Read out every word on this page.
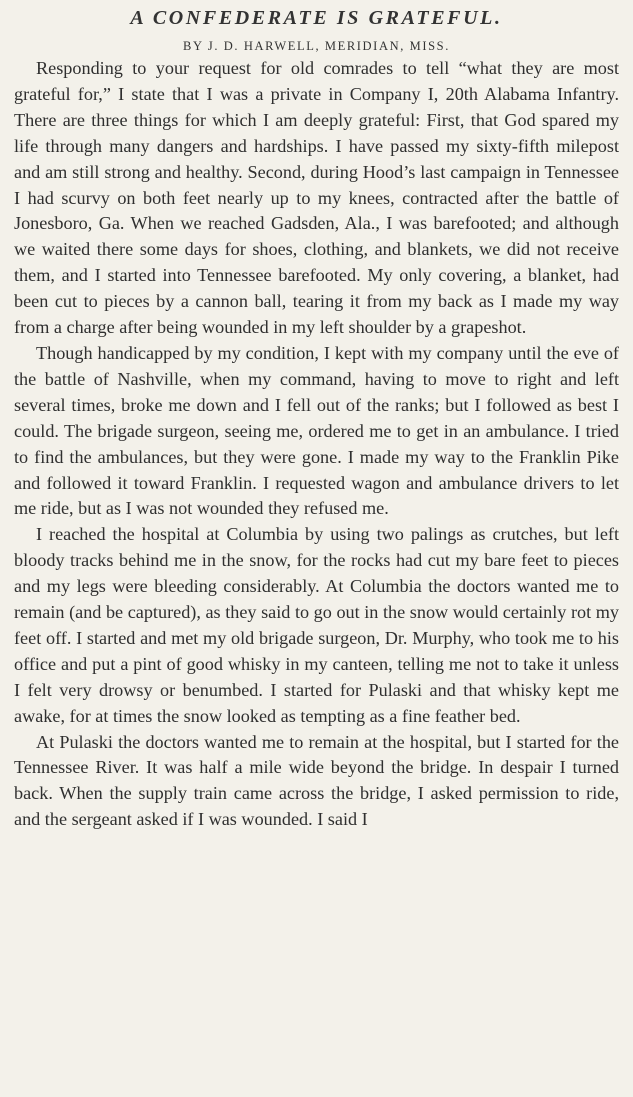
A CONFEDERATE IS GRATEFUL.
BY J. D. HARWELL, MERIDIAN, MISS.

Responding to your request for old comrades to tell “what they are most grateful for,” I state that I was a private in Company I, 20th Alabama Infantry. There are three things for which I am deeply grateful: First, that God spared my life through many dangers and hardships. I have passed my sixty-fifth milepost and am still strong and healthy. Second, during Hood’s last campaign in Tennessee I had scurvy on both feet nearly up to my knees, contracted after the battle of Jonesboro, Ga. When we reached Gadsden, Ala., I was barefooted; and although we waited there some days for shoes, clothing, and blankets, we did not receive them, and I started into Tennessee barefooted. My only covering, a blanket, had been cut to pieces by a cannon ball, tearing it from my back as I made my way from a charge after being wounded in my left shoulder by a grapeshot.

Though handicapped by my condition, I kept with my company until the eve of the battle of Nashville, when my command, having to move to right and left several times, broke me down and I fell out of the ranks; but I followed as best I could. The brigade surgeon, seeing me, ordered me to get in an ambulance. I tried to find the ambulances, but they were gone. I made my way to the Franklin Pike and followed it toward Franklin. I requested wagon and ambulance drivers to let me ride, but as I was not wounded they refused me.

I reached the hospital at Columbia by using two palings as crutches, but left bloody tracks behind me in the snow, for the rocks had cut my bare feet to pieces and my legs were bleeding considerably. At Columbia the doctors wanted me to remain (and be captured), as they said to go out in the snow would certainly rot my feet off. I started and met my old brigade surgeon, Dr. Murphy, who took me to his office and put a pint of good whisky in my canteen, telling me not to take it unless I felt very drowsy or benumbed. I started for Pulaski and that whisky kept me awake, for at times the snow looked as tempting as a fine feather bed.

At Pulaski the doctors wanted me to remain at the hospital, but I started for the Tennessee River. It was half a mile wide beyond the bridge. In despair I turned back. When the supply train came across the bridge, I asked permission to ride, and the sergeant asked if I was wounded. I said I
